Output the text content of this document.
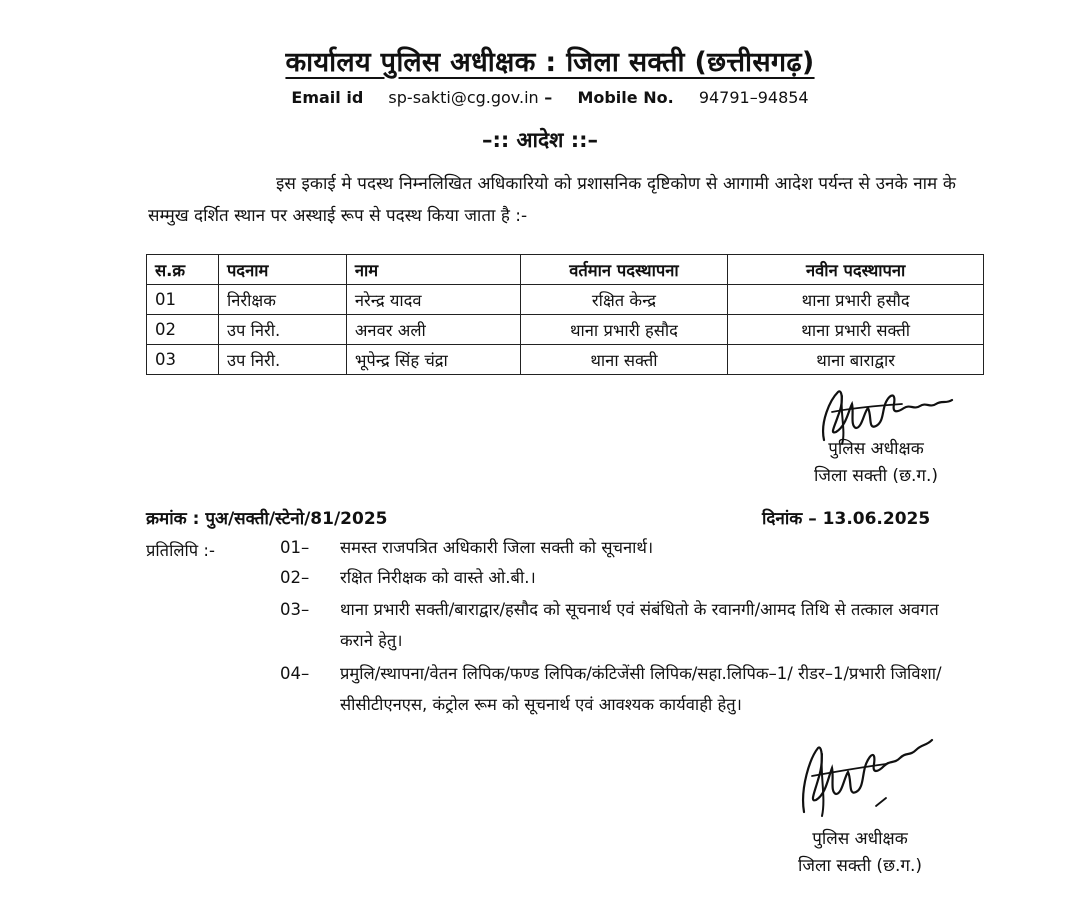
कार्यालय पुलिस अधीक्षक : जिला सक्ती (छत्तीसगढ़)
Email id sp-sakti@cg.gov.in – Mobile No. 94791–94854
–:: आदेश ::–
इस इकाई मे पदस्थ निम्नलिखित अधिकारियो को प्रशासनिक दृष्टिकोण से आगामी आदेश पर्यन्त से उनके नाम के सम्मुख दर्शित स्थान पर अस्थाई रूप से पदस्थ किया जाता है :-
स.क्र	पदनाम	नाम	वर्तमान पदस्थापना	नवीन पदस्थापना
01	निरीक्षक	नरेन्द्र यादव	रक्षित केन्द्र	थाना प्रभारी हसौद
02	उप निरी.	अनवर अली	थाना प्रभारी हसौद	थाना प्रभारी सक्ती
03	उप निरी.	भूपेन्द्र सिंह चंद्रा	थाना सक्ती	थाना बाराद्वार
पुलिस अधीक्षक
जिला सक्ती (छ.ग.)
क्रमांक : पुअ/सक्ती/स्टेनो/81/2025	दिनांक – 13.06.2025
प्रतिलिपि :-	01– समस्त राजपत्रित अधिकारी जिला सक्ती को सूचनार्थ।
02– रक्षित निरीक्षक को वास्ते ओ.बी.।
03– थाना प्रभारी सक्ती/बाराद्वार/हसौद को सूचनार्थ एवं संबंधितो के रवानगी/आमद तिथि से तत्काल अवगत कराने हेतु।
04– प्रमुलि/स्थापना/वेतन लिपिक/फण्ड लिपिक/कंटिजेंसी लिपिक/सहा.लिपिक–1/ रीडर–1/प्रभारी जिविशा/सीसीटीएनएस, कंट्रोल रूम को सूचनार्थ एवं आवश्यक कार्यवाही हेतु।
पुलिस अधीक्षक
जिला सक्ती (छ.ग.)
